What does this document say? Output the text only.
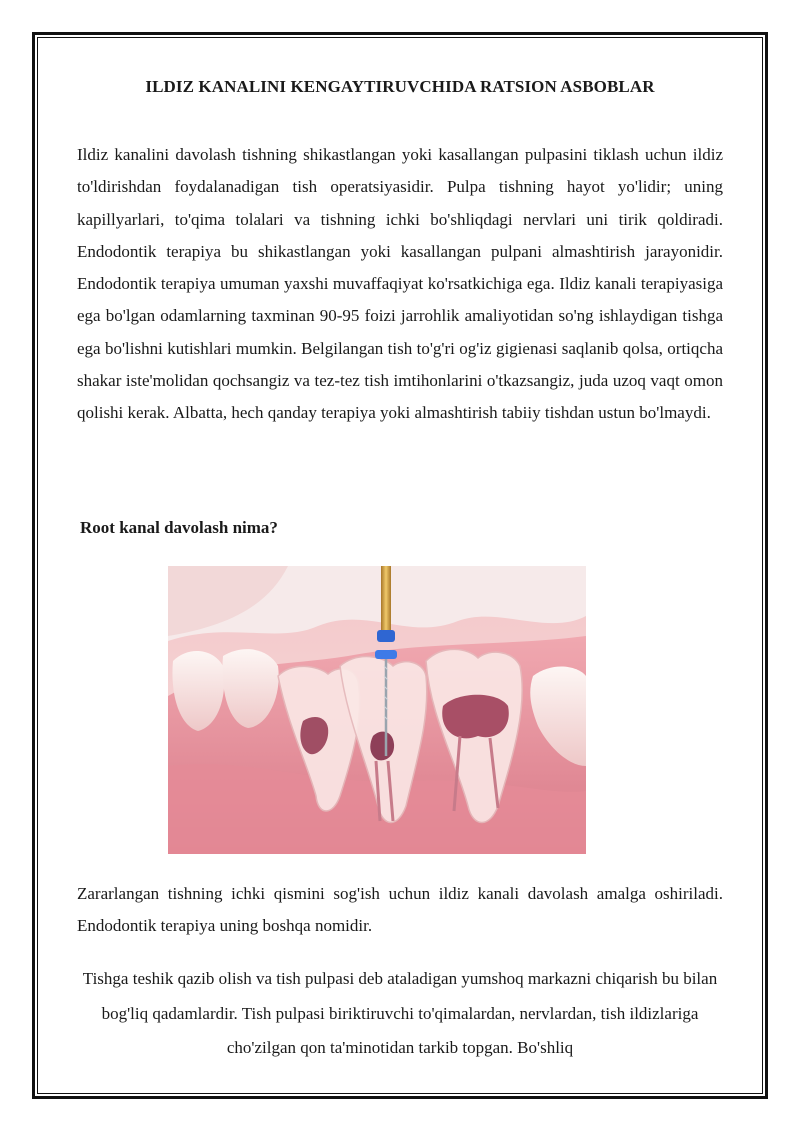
ILDIZ KANALINI KENGAYTIRUVCHIDA RATSION ASBOBLAR

Ildiz kanalini davolash tishning shikastlangan yoki kasallangan pulpasini tiklash uchun ildiz to'ldirishdan foydalanadigan tish operatsiyasidir. Pulpa tishning hayot yo'lidir; uning kapillyarlari, to'qima tolalari va tishning ichki bo'shliqdagi nervlari uni tirik qoldiradi. Endodontik terapiya bu shikastlangan yoki kasallangan pulpani almashtirish jarayonidir. Endodontik terapiya umuman yaxshi muvaffaqiyat ko'rsatkichiga ega. Ildiz kanali terapiyasiga ega bo'lgan odamlarning taxminan 90-95 foizi jarrohlik amaliyotidan so'ng ishlaydigan tishga ega bo'lishni kutishlari mumkin. Belgilangan tish to'g'ri og'iz gigienasi saqlanib qolsa, ortiqcha shakar iste'molidan qochsangiz va tez-tez tish imtihonlarini o'tkazsangiz, juda uzoq vaqt omon qolishi kerak. Albatta, hech qanday terapiya yoki almashtirish tabiiy tishdan ustun bo'lmaydi.

Root kanal davolash nima?

Zararlangan tishning ichki qismini sog'ish uchun ildiz kanali davolash amalga oshiriladi. Endodontik terapiya uning boshqa nomidir.

Tishga teshik qazib olish va tish pulpasi deb ataladigan yumshoq markazni chiqarish bu bilan bog'liq qadamlardir. Tish pulpasi biriktiruvchi to'qimalardan, nervlardan, tish ildizlariga cho'zilgan qon ta'minotidan tarkib topgan. Bo'shliq
